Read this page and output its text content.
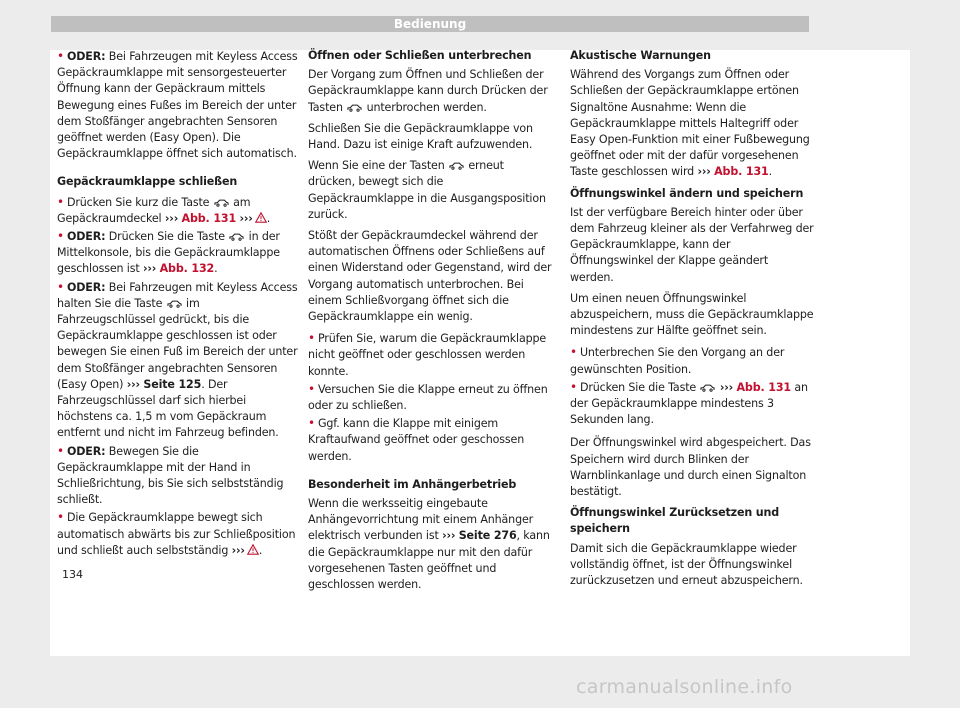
Bedienung

• ODER: Bei Fahrzeugen mit Keyless Access Gepäckraumklappe mit sensorgesteuerter Öffnung kann der Gepäckraum mittels Bewegung eines Fußes im Bereich der unter dem Stoßfänger angebrachten Sensoren geöffnet werden (Easy Open). Die Gepäckraumklappe öffnet sich automatisch.

Gepäckraumklappe schließen

• Drücken Sie kurz die Taste  am Gepäckraumdeckel ››› Abb. 131 ››› .

• ODER: Drücken Sie die Taste  in der Mittelkonsole, bis die Gepäckraumklappe geschlossen ist ››› Abb. 132.

• ODER: Bei Fahrzeugen mit Keyless Access halten Sie die Taste  im Fahrzeugschlüssel gedrückt, bis die Gepäckraumklappe geschlossen ist oder bewegen Sie einen Fuß im Bereich der unter dem Stoßfänger angebrachten Sensoren (Easy Open) ››› Seite 125. Der Fahrzeugschlüssel darf sich hierbei höchstens ca. 1,5 m vom Gepäckraum entfernt und nicht im Fahrzeug befinden.

• ODER: Bewegen Sie die Gepäckraumklappe mit der Hand in Schließrichtung, bis Sie sich selbstständig schließt.

• Die Gepäckraumklappe bewegt sich automatisch abwärts bis zur Schließposition und schließt auch selbstständig ››› .

Öffnen oder Schließen unterbrechen

Der Vorgang zum Öffnen und Schließen der Gepäckraumklappe kann durch Drücken der Tasten  unterbrochen werden.

Schließen Sie die Gepäckraumklappe von Hand. Dazu ist einige Kraft aufzuwenden.

Wenn Sie eine der Tasten  erneut drücken, bewegt sich die Gepäckraumklappe in die Ausgangsposition zurück.

Stößt der Gepäckraumdeckel während der automatischen Öffnens oder Schließens auf einen Widerstand oder Gegenstand, wird der Vorgang automatisch unterbrochen. Bei einem Schließvorgang öffnet sich die Gepäckraumklappe ein wenig.

• Prüfen Sie, warum die Gepäckraumklappe nicht geöffnet oder geschlossen werden konnte.

• Versuchen Sie die Klappe erneut zu öffnen oder zu schließen.

• Ggf. kann die Klappe mit einigem Kraftaufwand geöffnet oder geschossen werden.

Besonderheit im Anhängerbetrieb

Wenn die werksseitig eingebaute Anhängevorrichtung mit einem Anhänger elektrisch verbunden ist ››› Seite 276, kann die Gepäckraumklappe nur mit den dafür vorgesehenen Tasten geöffnet und geschlossen werden.

Akustische Warnungen

Während des Vorgangs zum Öffnen oder Schließen der Gepäckraumklappe ertönen Signaltöne Ausnahme: Wenn die Gepäckraumklappe mittels Haltegriff oder Easy Open-Funktion mit einer Fußbewegung geöffnet oder mit der dafür vorgesehenen Taste geschlossen wird ››› Abb. 131.

Öffnungswinkel ändern und speichern

Ist der verfügbare Bereich hinter oder über dem Fahrzeug kleiner als der Verfahrweg der Gepäckraumklappe, kann der Öffnungswinkel der Klappe geändert werden.

Um einen neuen Öffnungswinkel abzuspeichern, muss die Gepäckraumklappe mindestens zur Hälfte geöffnet sein.

• Unterbrechen Sie den Vorgang an der gewünschten Position.

• Drücken Sie die Taste  ››› Abb. 131 an der Gepäckraumklappe mindestens 3 Sekunden lang.

Der Öffnungswinkel wird abgespeichert. Das Speichern wird durch Blinken der Warnblinkanlage und durch einen Signalton bestätigt.

Öffnungswinkel Zurücksetzen und speichern

Damit sich die Gepäckraumklappe wieder vollständig öffnet, ist der Öffnungswinkel zurückzusetzen und erneut abzuspeichern.

134
carmanualsonline.info
